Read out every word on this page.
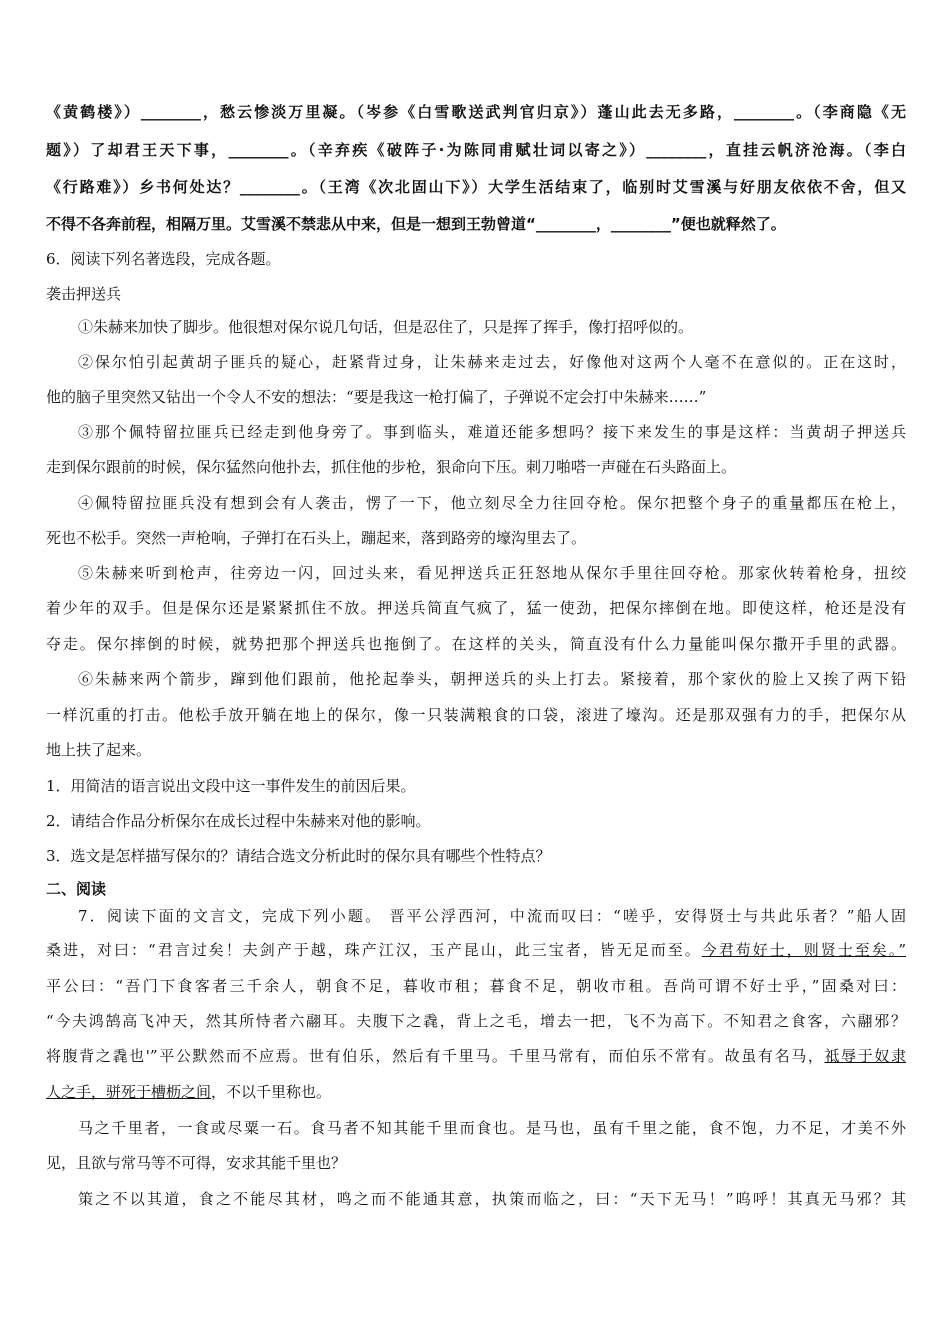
《黄鹤楼》）________，愁云惨淡万里凝。（岑参《白雪歌送武判官归京》）蓬山此去无多路，________。（李商隐《无
题》）了却君王天下事，________。（辛弃疾《破阵子·为陈同甫赋壮词以寄之》）________，直挂云帆济沧海。（李白
《行路难》）乡书何处达？________。（王湾《次北固山下》）大学生活结束了，临别时艾雪溪与好朋友依依不舍，但又
不得不各奔前程，相隔万里。艾雪溪不禁悲从中来，但是一想到王勃曾道“________，________”便也就释然了。
6．阅读下列名著选段，完成各题。
袭击押送兵
①朱赫来加快了脚步。他很想对保尔说几句话，但是忍住了，只是挥了挥手，像打招呼似的。
②保尔怕引起黄胡子匪兵的疑心，赶紧背过身，让朱赫来走过去，好像他对这两个人毫不在意似的。正在这时，
他的脑子里突然又钻出一个令人不安的想法：“要是我这一枪打偏了，子弹说不定会打中朱赫来……”
③那个佩特留拉匪兵已经走到他身旁了。事到临头，难道还能多想吗？接下来发生的事是这样：当黄胡子押送兵
走到保尔跟前的时候，保尔猛然向他扑去，抓住他的步枪，狠命向下压。刺刀啪嗒一声碰在石头路面上。
④佩特留拉匪兵没有想到会有人袭击，愣了一下，他立刻尽全力往回夺枪。保尔把整个身子的重量都压在枪上，
死也不松手。突然一声枪响，子弹打在石头上，蹦起来，落到路旁的壕沟里去了。
⑤朱赫来听到枪声，往旁边一闪，回过头来，看见押送兵正狂怒地从保尔手里往回夺枪。那家伙转着枪身，扭绞
着少年的双手。但是保尔还是紧紧抓住不放。押送兵简直气疯了，猛一使劲，把保尔摔倒在地。即使这样，枪还是没有
夺走。保尔摔倒的时候，就势把那个押送兵也拖倒了。在这样的关头，简直没有什么力量能叫保尔撒开手里的武器。
⑥朱赫来两个箭步，蹿到他们跟前，他抡起拳头，朝押送兵的头上打去。紧接着，那个家伙的脸上又挨了两下铅
一样沉重的打击。他松手放开躺在地上的保尔，像一只装满粮食的口袋，滚进了壕沟。还是那双强有力的手，把保尔从
地上扶了起来。
1．用简洁的语言说出文段中这一事件发生的前因后果。
2．请结合作品分析保尔在成长过程中朱赫来对他的影响。
3．选文是怎样描写保尔的？请结合选文分析此时的保尔具有哪些个性特点？
二、阅读
7．阅读下面的文言文，完成下列小题。 晋平公浮西河，中流而叹曰：“嗟乎，安得贤士与共此乐者？”船人固
桑进，对曰：“君言过矣！夫剑产于越，珠产江汉，玉产昆山，此三宝者，皆无足而至。今君苟好士，则贤士至矣。”
平公曰：“吾门下食客者三千余人，朝食不足，暮收市租；暮食不足，朝收市租。吾尚可谓不好士乎，”固桑对曰：
“今夫鸿鹄高飞冲天，然其所恃者六翮耳。夫腹下之毳，背上之毛，增去一把，飞不为高下。不知君之食客，六翮邪？
将腹背之毳也'”平公默然而不应焉。世有伯乐，然后有千里马。千里马常有，而伯乐不常有。故虽有名马，祗辱于奴隶
人之手，骈死于槽枥之间，不以千里称也。
马之千里者，一食或尽粟一石。食马者不知其能千里而食也。是马也，虽有千里之能，食不饱，力不足，才美不外
见，且欲与常马等不可得，安求其能千里也？
策之不以其道，食之不能尽其材，鸣之而不能通其意，执策而临之，曰：“天下无马！”呜呼！其真无马邪？其
